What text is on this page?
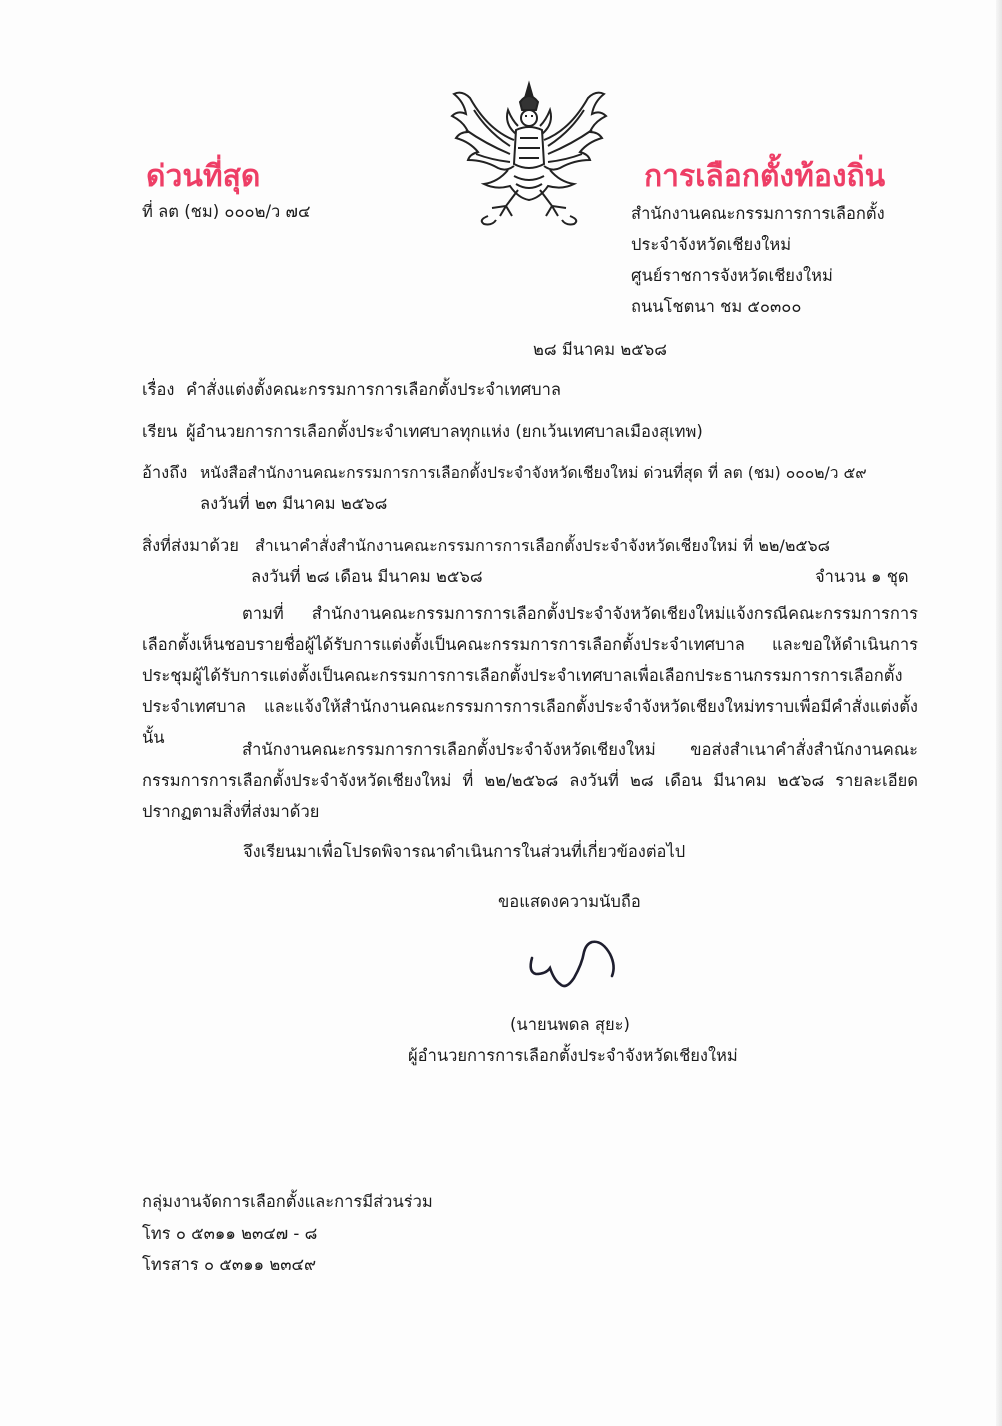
ด่วนที่สุด
ที่ ลต (ชม) ๐๐๐๒/ว ๗๔
การเลือกตั้งท้องถิ่น
สำนักงานคณะกรรมการการเลือกตั้ง
ประจำจังหวัดเชียงใหม่
ศูนย์ราชการจังหวัดเชียงใหม่
ถนนโชตนา ชม ๕๐๓๐๐
๒๘ มีนาคม ๒๕๖๘
เรื่อง คำสั่งแต่งตั้งคณะกรรมการการเลือกตั้งประจำเทศบาล
เรียน ผู้อำนวยการการเลือกตั้งประจำเทศบาลทุกแห่ง (ยกเว้นเทศบาลเมืองสุเทพ)
อ้างถึง หนังสือสำนักงานคณะกรรมการการเลือกตั้งประจำจังหวัดเชียงใหม่ ด่วนที่สุด ที่ ลต (ชม) ๐๐๐๒/ว ๕๙
ลงวันที่ ๒๓ มีนาคม ๒๕๖๘
สิ่งที่ส่งมาด้วย สำเนาคำสั่งสำนักงานคณะกรรมการการเลือกตั้งประจำจังหวัดเชียงใหม่ ที่ ๒๒/๒๕๖๘
ลงวันที่ ๒๘ เดือน มีนาคม ๒๕๖๘	จำนวน ๑ ชุด
ตามที่ สำนักงานคณะกรรมการการเลือกตั้งประจำจังหวัดเชียงใหม่แจ้งกรณีคณะกรรมการการเลือกตั้งเห็นชอบรายชื่อผู้ได้รับการแต่งตั้งเป็นคณะกรรมการการเลือกตั้งประจำเทศบาล และขอให้ดำเนินการประชุมผู้ได้รับการแต่งตั้งเป็นคณะกรรมการการเลือกตั้งประจำเทศบาลเพื่อเลือกประธานกรรมการการเลือกตั้งประจำเทศบาล และแจ้งให้สำนักงานคณะกรรมการการเลือกตั้งประจำจังหวัดเชียงใหม่ทราบเพื่อมีคำสั่งแต่งตั้ง นั้น
สำนักงานคณะกรรมการการเลือกตั้งประจำจังหวัดเชียงใหม่ ขอส่งสำเนาคำสั่งสำนักงานคณะกรรมการการเลือกตั้งประจำจังหวัดเชียงใหม่ ที่ ๒๒/๒๕๖๘ ลงวันที่ ๒๘ เดือน มีนาคม ๒๕๖๘ รายละเอียดปรากฏตามสิ่งที่ส่งมาด้วย
จึงเรียนมาเพื่อโปรดพิจารณาดำเนินการในส่วนที่เกี่ยวข้องต่อไป
ขอแสดงความนับถือ
(นายนพดล สุยะ)
ผู้อำนวยการการเลือกตั้งประจำจังหวัดเชียงใหม่
กลุ่มงานจัดการเลือกตั้งและการมีส่วนร่วม
โทร ๐ ๕๓๑๑ ๒๓๔๗ - ๘
โทรสาร ๐ ๕๓๑๑ ๒๓๔๙
